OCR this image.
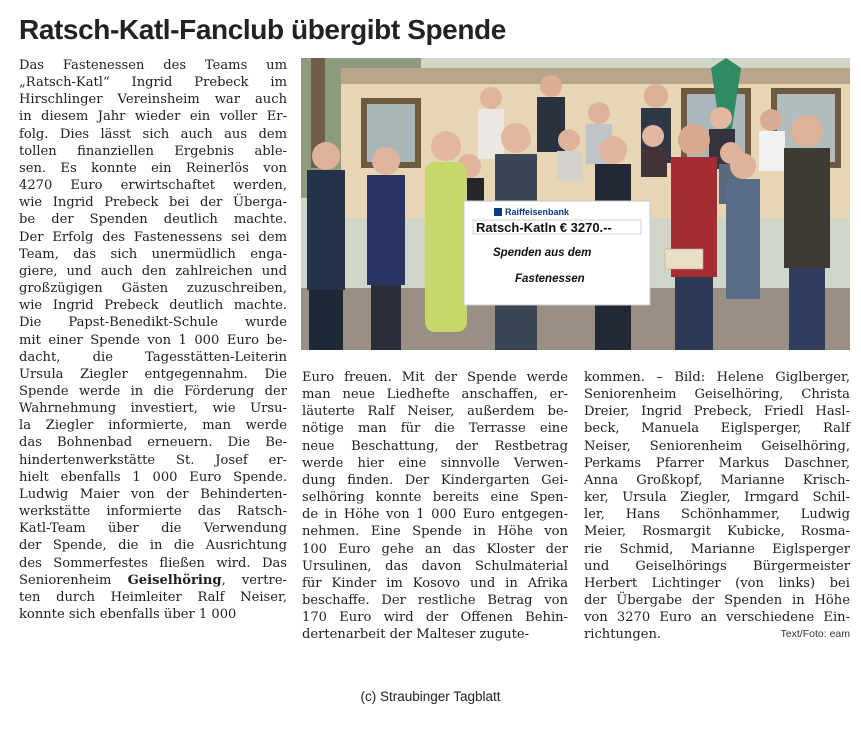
Ratsch-Katl-Fanclub übergibt Spende
Das Fastenessen des Teams um
„Ratsch-Katl“ Ingrid Prebeck im
Hirschlinger Vereinsheim war auch
in diesem Jahr wieder ein voller Er-
folg. Dies lässt sich auch aus dem
tollen finanziellen Ergebnis able-
sen. Es konnte ein Reinerlös von
4270 Euro erwirtschaftet werden,
wie Ingrid Prebeck bei der Überga-
be der Spenden deutlich machte.
Der Erfolg des Fastenessens sei dem
Team, das sich unermüdlich enga-
giere, und auch den zahlreichen und
großzügigen Gästen zuzuschreiben,
wie Ingrid Prebeck deutlich machte.
Die Papst-Benedikt-Schule wurde
mit einer Spende von 1 000 Euro be-
dacht, die Tagesstätten-Leiterin
Ursula Ziegler entgegennahm. Die
Spende werde in die Förderung der
Wahrnehmung investiert, wie Ursu-
la Ziegler informierte, man werde
das Bohnenbad erneuern. Die Be-
hindertenwerkstätte St. Josef er-
hielt ebenfalls 1 000 Euro Spende.
Ludwig Maier von der Behinderten-
werkstätte informierte das Ratsch-
Katl-Team über die Verwendung
der Spende, die in die Ausrichtung
des Sommerfestes fließen wird. Das
Seniorenheim Geiselhöring, vertre-
ten durch Heimleiter Ralf Neiser,
konnte sich ebenfalls über 1 000
Raiffeisenbank
Ratsch-Katln € 3270.--
Spenden aus dem
Fastenessen
Euro freuen. Mit der Spende werde
man neue Liedhefte anschaffen, er-
läuterte Ralf Neiser, außerdem be-
nötige man für die Terrasse eine
neue Beschattung, der Restbetrag
werde hier eine sinnvolle Verwen-
dung finden. Der Kindergarten Gei-
selhöring konnte bereits eine Spen-
de in Höhe von 1 000 Euro entgegen-
nehmen. Eine Spende in Höhe von
100 Euro gehe an das Kloster der
Ursulinen, das davon Schulmaterial
für Kinder im Kosovo und in Afrika
beschaffe. Der restliche Betrag von
170 Euro wird der Offenen Behin-
dertenarbeit der Malteser zugute-
kommen. – Bild: Helene Giglberger,
Seniorenheim Geiselhöring, Christa
Dreier, Ingrid Prebeck, Friedl Hasl-
beck, Manuela Eiglsperger, Ralf
Neiser, Seniorenheim Geiselhöring,
Perkams Pfarrer Markus Daschner,
Anna Großkopf, Marianne Krisch-
ker, Ursula Ziegler, Irmgard Schil-
ler, Hans Schönhammer, Ludwig
Meier, Rosmargit Kubicke, Rosma-
rie Schmid, Marianne Eiglsperger
und Geiselhörings Bürgermeister
Herbert Lichtinger (von links) bei
der Übergabe der Spenden in Höhe
von 3270 Euro an verschiedene Ein-
richtungen.	Text/Foto: eam
(c) Straubinger Tagblatt
